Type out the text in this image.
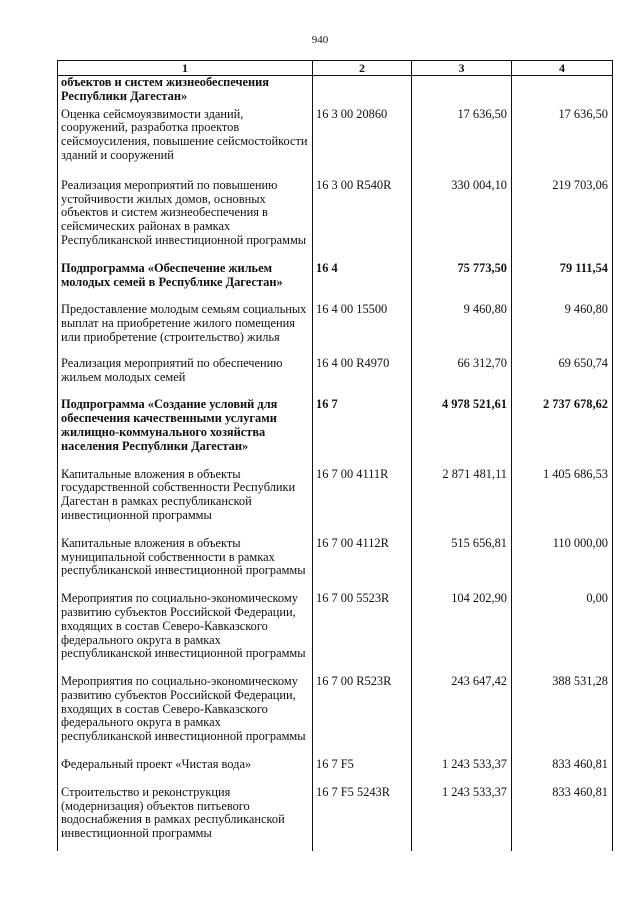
940
1	2	3	4
объектов и систем жизнеобеспечения Республики Дагестан»			
Оценка сейсмоуязвимости зданий, сооружений, разработка проектов сейсмоусиления, повышение сейсмостойкости зданий и сооружений	16 3 00 20860	17 636,50	17 636,50
Реализация мероприятий по повышению устойчивости жилых домов, основных объектов и систем жизнеобеспечения в сейсмических районах в рамках Республиканской инвестиционной программы	16 3 00 R540R	330 004,10	219 703,06
Подпрограмма «Обеспечение жильем молодых семей в Республике Дагестан»	16 4	75 773,50	79 111,54
Предоставление молодым семьям социальных выплат на приобретение жилого помещения или приобретение (строительство) жилья	16 4 00 15500	9 460,80	9 460,80
Реализация мероприятий по обеспечению жильем молодых семей	16 4 00 R4970	66 312,70	69 650,74
Подпрограмма «Создание условий для обеспечения качественными услугами жилищно-коммунального хозяйства населения Республики Дагестан»	16 7	4 978 521,61	2 737 678,62
Капитальные вложения в объекты государственной собственности Республики Дагестан в рамках республиканской инвестиционной программы	16 7 00 4111R	2 871 481,11	1 405 686,53
Капитальные вложения в объекты муниципальной собственности в рамках республиканской инвестиционной программы	16 7 00 4112R	515 656,81	110 000,00
Мероприятия по социально-экономическому развитию субъектов Российской Федерации, входящих в состав Северо-Кавказского федерального округа в рамках республиканской инвестиционной программы	16 7 00 5523R	104 202,90	0,00
Мероприятия по социально-экономическому развитию субъектов Российской Федерации, входящих в состав Северо-Кавказского федерального округа в рамках республиканской инвестиционной программы	16 7 00 R523R	243 647,42	388 531,28
Федеральный проект «Чистая вода»	16 7 F5	1 243 533,37	833 460,81
Строительство и реконструкция (модернизация) объектов питьевого водоснабжения в рамках республиканской инвестиционной программы	16 7 F5 5243R	1 243 533,37	833 460,81
